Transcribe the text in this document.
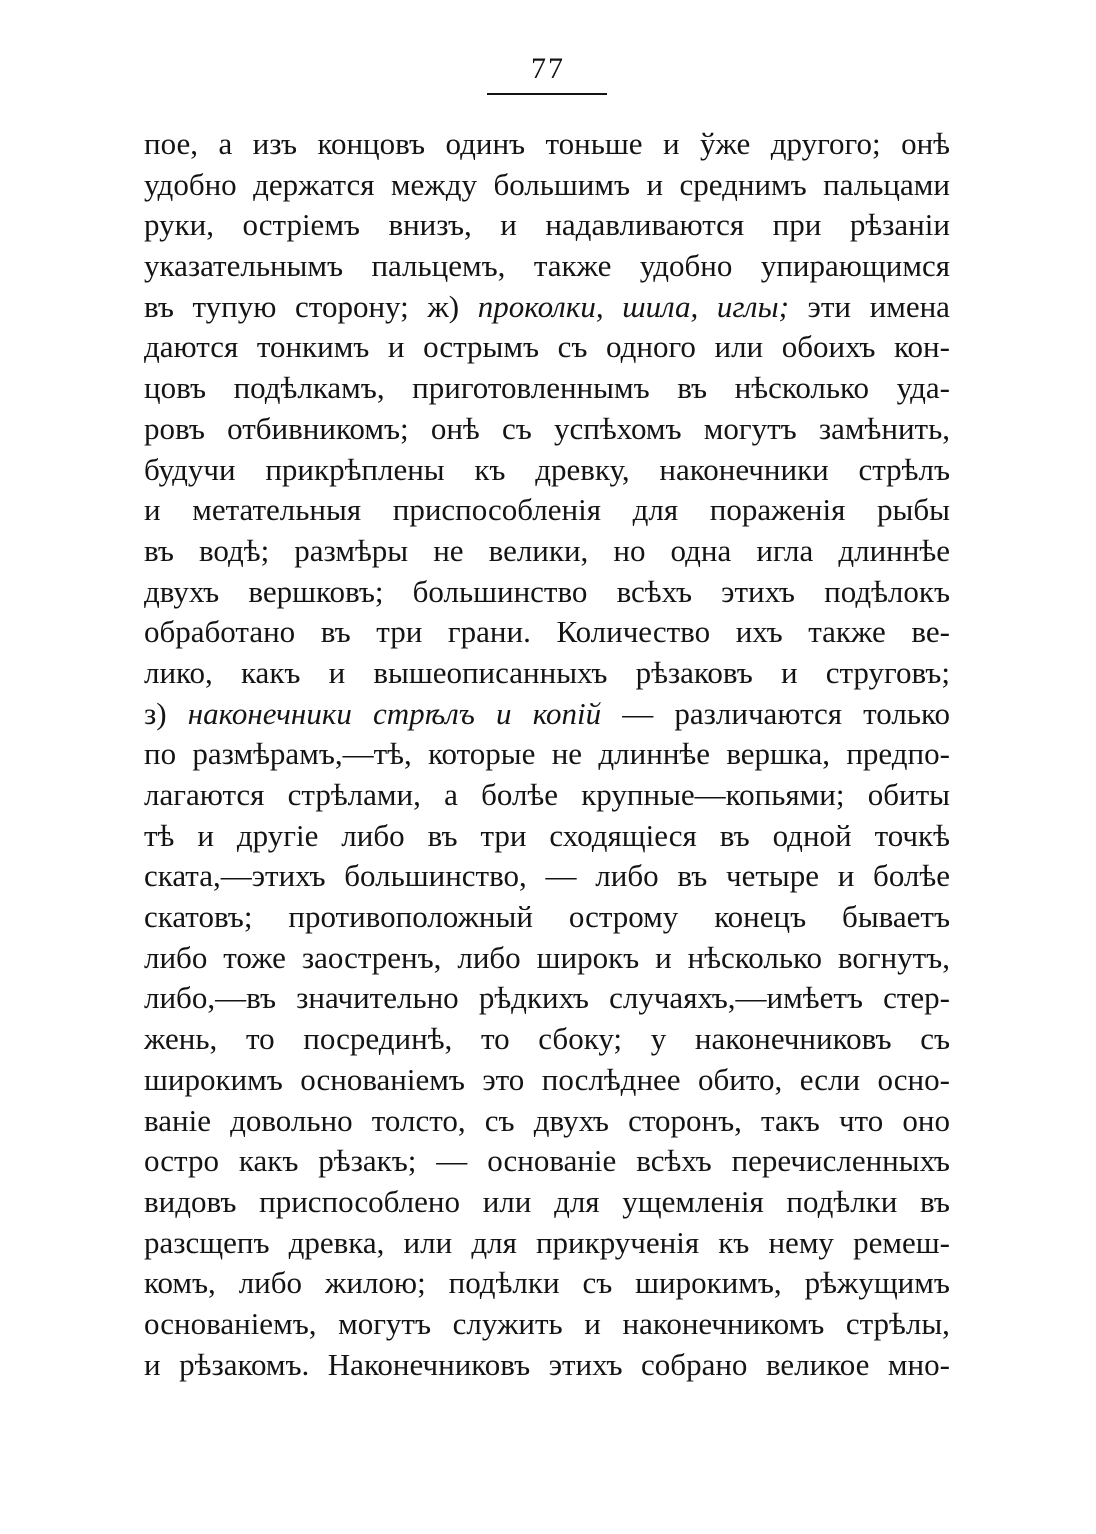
77
пое, а изъ концовъ одинъ тоньше и ўже другого; онѣ
удобно держатся между большимъ и среднимъ пальцами
руки, остріемъ внизъ, и надавливаются при рѣзаніи
указательнымъ пальцемъ, также удобно упирающимся
въ тупую сторону; ж) проколки, шила, иглы; эти имена
даются тонкимъ и острымъ съ одного или обоихъ кон-
цовъ подѣлкамъ, приготовленнымъ въ нѣсколько уда-
ровъ отбивникомъ; онѣ съ успѣхомъ могутъ замѣнить,
будучи прикрѣплены къ древку, наконечники стрѣлъ
и метательныя приспособленія для пораженія рыбы
въ водѣ; размѣры не велики, но одна игла длиннѣе
двухъ вершковъ; большинство всѣхъ этихъ подѣлокъ
обработано въ три грани. Количество ихъ также ве-
лико, какъ и вышеописанныхъ рѣзаковъ и струговъ;
з) наконечники стрѣлъ и копій — различаются только
по размѣрамъ,—тѣ, которые не длиннѣе вершка, предпо-
лагаются стрѣлами, а болѣе крупные—копьями; обиты
тѣ и другіе либо въ три сходящіеся въ одной точкѣ
ската,—этихъ большинство, — либо въ четыре и болѣе
скатовъ; противоположный острому конецъ бываетъ
либо тоже заостренъ, либо широкъ и нѣсколько вогнутъ,
либо,—въ значительно рѣдкихъ случаяхъ,—имѣетъ стер-
жень, то посрединѣ, то сбоку; у наконечниковъ съ
широкимъ основаніемъ это послѣднее обито, если осно-
ваніе довольно толсто, съ двухъ сторонъ, такъ что оно
остро какъ рѣзакъ; — основаніе всѣхъ перечисленныхъ
видовъ приспособлено или для ущемленія подѣлки въ
разсщепъ древка, или для прикрученія къ нему ремеш-
комъ, либо жилою; подѣлки съ широкимъ, рѣжущимъ
основаніемъ, могутъ служить и наконечникомъ стрѣлы,
и рѣзакомъ. Наконечниковъ этихъ собрано великое мно-
